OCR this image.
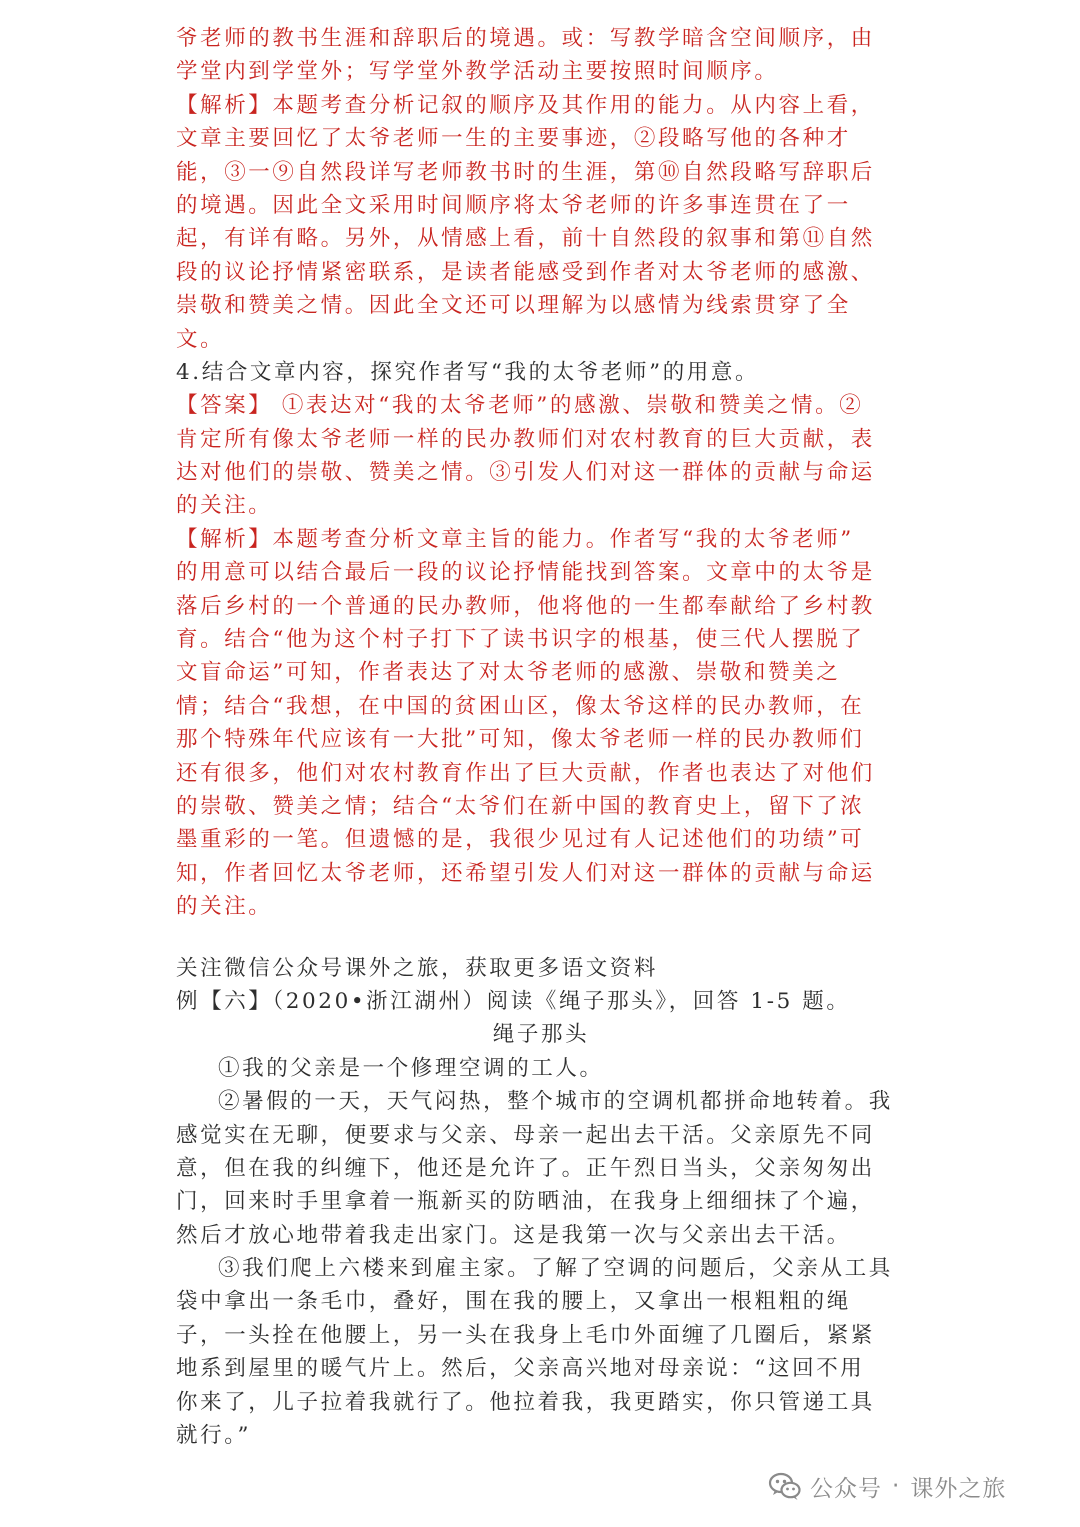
爷老师的教书生涯和辞职后的境遇。或：写教学暗含空间顺序，由
学堂内到学堂外；写学堂外教学活动主要按照时间顺序。
【解析】本题考查分析记叙的顺序及其作用的能力。从内容上看，
文章主要回忆了太爷老师一生的主要事迹，②段略写他的各种才
能，③一⑨自然段详写老师教书时的生涯，第⑩自然段略写辞职后
的境遇。因此全文采用时间顺序将太爷老师的许多事连贯在了一
起，有详有略。另外，从情感上看，前十自然段的叙事和第⑪自然
段的议论抒情紧密联系，是读者能感受到作者对太爷老师的感激、
崇敬和赞美之情。因此全文还可以理解为以感情为线索贯穿了全
文。
4.结合文章内容，探究作者写“我的太爷老师”的用意。
【答案】 ①表达对“我的太爷老师”的感激、崇敬和赞美之情。②
肯定所有像太爷老师一样的民办教师们对农村教育的巨大贡献，表
达对他们的崇敬、赞美之情。③引发人们对这一群体的贡献与命运
的关注。
【解析】本题考查分析文章主旨的能力。作者写“我的太爷老师”
的用意可以结合最后一段的议论抒情能找到答案。文章中的太爷是
落后乡村的一个普通的民办教师，他将他的一生都奉献给了乡村教
育。结合“他为这个村子打下了读书识字的根基，使三代人摆脱了
文盲命运”可知，作者表达了对太爷老师的感激、崇敬和赞美之
情；结合“我想，在中国的贫困山区，像太爷这样的民办教师，在
那个特殊年代应该有一大批”可知，像太爷老师一样的民办教师们
还有很多，他们对农村教育作出了巨大贡献，作者也表达了对他们
的崇敬、赞美之情；结合“太爷们在新中国的教育史上，留下了浓
墨重彩的一笔。但遗憾的是，我很少见过有人记述他们的功绩”可
知，作者回忆太爷老师，还希望引发人们对这一群体的贡献与命运
的关注。
关注微信公众号课外之旅，获取更多语文资料
例【六】（2020•浙江湖州）阅读《绳子那头》，回答 1-5 题。
绳子那头
①我的父亲是一个修理空调的工人。
②暑假的一天，天气闷热，整个城市的空调机都拼命地转着。我
感觉实在无聊，便要求与父亲、母亲一起出去干活。父亲原先不同
意，但在我的纠缠下，他还是允许了。正午烈日当头，父亲匆匆出
门，回来时手里拿着一瓶新买的防晒油，在我身上细细抹了个遍，
然后才放心地带着我走出家门。这是我第一次与父亲出去干活。
③我们爬上六楼来到雇主家。了解了空调的问题后，父亲从工具
袋中拿出一条毛巾，叠好，围在我的腰上，又拿出一根粗粗的绳
子，一头拴在他腰上，另一头在我身上毛巾外面缠了几圈后，紧紧
地系到屋里的暖气片上。然后，父亲高兴地对母亲说：“这回不用
你来了，儿子拉着我就行了。他拉着我，我更踏实，你只管递工具
就行。”
公众号 · 课外之旅
